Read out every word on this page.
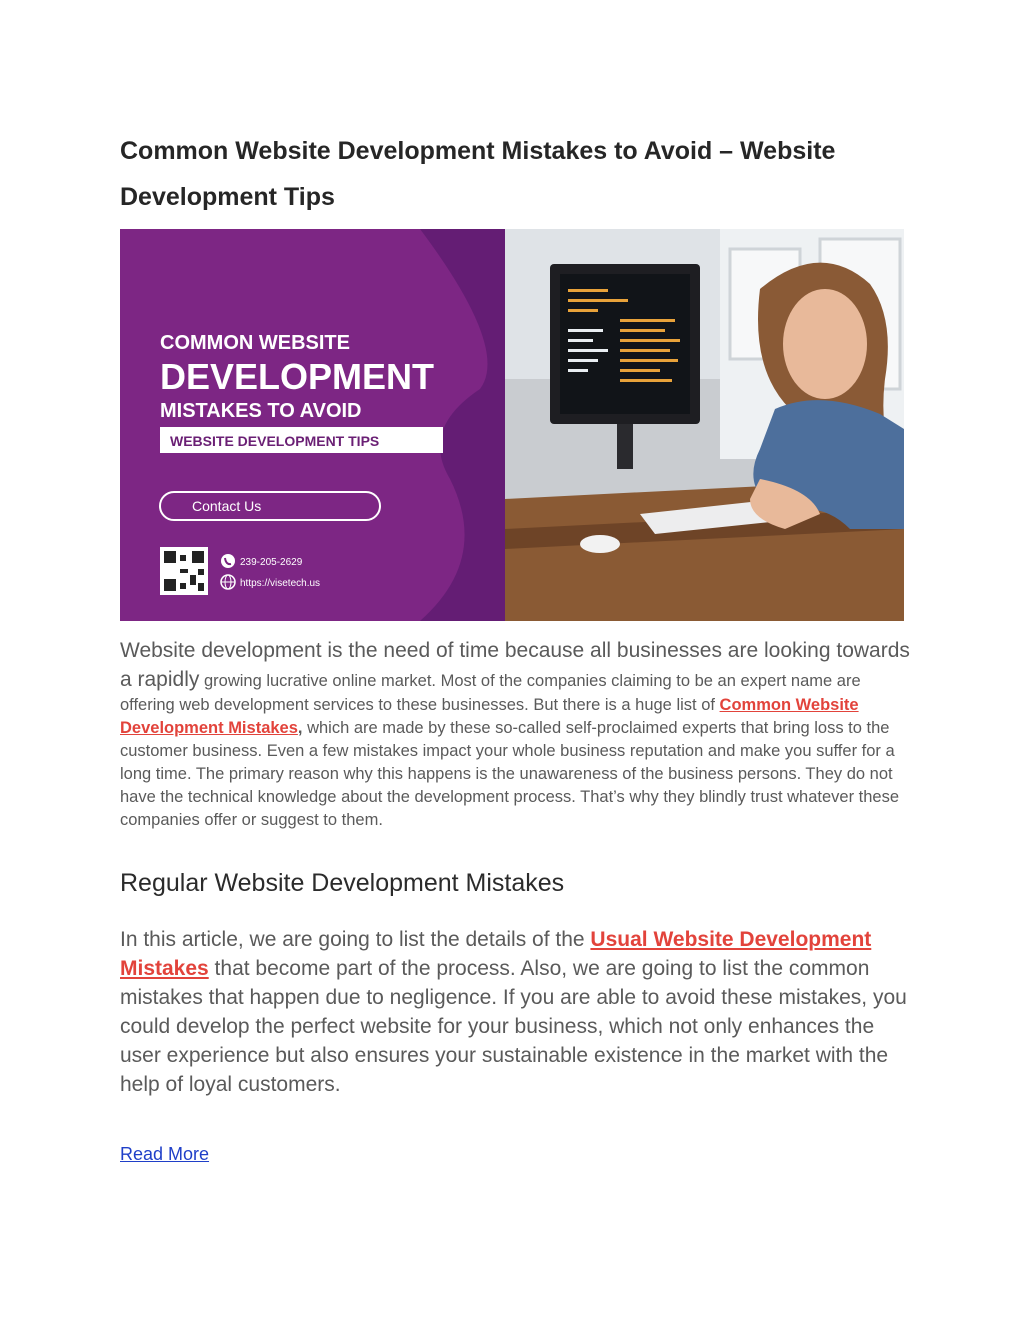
Common Website Development Mistakes to Avoid – Website Development Tips
COMMON WEBSITE
DEVELOPMENT
MISTAKES TO AVOID
WEBSITE DEVELOPMENT TIPS
Contact Us
239-205-2629
https://visetech.us

Website development is the need of time because all businesses are looking towards a rapidly growing lucrative online market. Most of the companies claiming to be an expert name are offering web development services to these businesses. But there is a huge list of Common Website Development Mistakes, which are made by these so-called self-proclaimed experts that bring loss to the customer business. Even a few mistakes impact your whole business reputation and make you suffer for a long time. The primary reason why this happens is the unawareness of the business persons. They do not have the technical knowledge about the development process. That’s why they blindly trust whatever these companies offer or suggest to them.

Regular Website Development Mistakes

In this article, we are going to list the details of the Usual Website Development Mistakes that become part of the process. Also, we are going to list the common mistakes that happen due to negligence. If you are able to avoid these mistakes, you could develop the perfect website for your business, which not only enhances the user experience but also ensures your sustainable existence in the market with the help of loyal customers.

Read More
